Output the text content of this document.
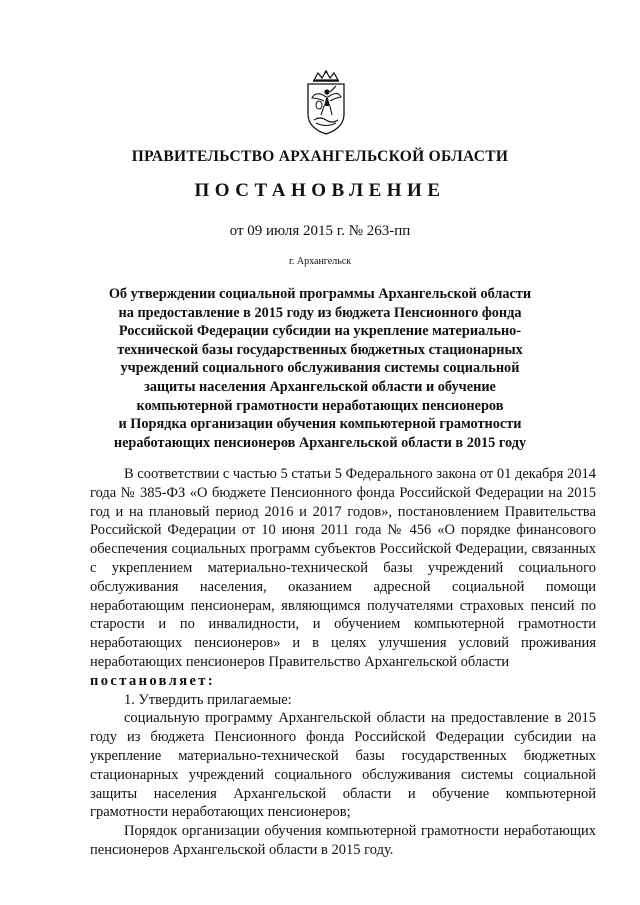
ПРАВИТЕЛЬСТВО АРХАНГЕЛЬСКОЙ ОБЛАСТИ
ПОСТАНОВЛЕНИЕ
от 09 июля 2015 г. № 263-пп
г. Архангельск
Об утверждении социальной программы Архангельской области
на предоставление в 2015 году из бюджета Пенсионного фонда
Российской Федерации субсидии на укрепление материально-
технической базы государственных бюджетных стационарных
учреждений социального обслуживания системы социальной
защиты населения Архангельской области и обучение
компьютерной грамотности неработающих пенсионеров
и Порядка организации обучения компьютерной грамотности
неработающих пенсионеров Архангельской области в 2015 году

В соответствии с частью 5 статьи 5 Федерального закона от 01 декабря 2014 года № 385-ФЗ «О бюджете Пенсионного фонда Российской Федерации на 2015 год и на плановый период 2016 и 2017 годов», постановлением Правительства Российской Федерации от 10 июня 2011 года № 456 «О порядке финансового обеспечения социальных программ субъектов Российской Федерации, связанных с укреплением материально-технической базы учреждений социального обслуживания населения, оказанием адресной социальной помощи неработающим пенсионерам, являющимся получателями страховых пенсий по старости и по инвалидности, и обучением компьютерной грамотности неработающих пенсионеров» и в целях улучшения условий проживания неработающих пенсионеров Правительство Архангельской области

постановляет:

1. Утвердить прилагаемые:

социальную программу Архангельской области на предоставление в 2015 году из бюджета Пенсионного фонда Российской Федерации субсидии на укрепление материально-технической базы государственных бюджетных стационарных учреждений социального обслуживания системы социальной защиты населения Архангельской области и обучение компьютерной грамотности неработающих пенсионеров;

Порядок организации обучения компьютерной грамотности неработающих пенсионеров Архангельской области в 2015 году.
